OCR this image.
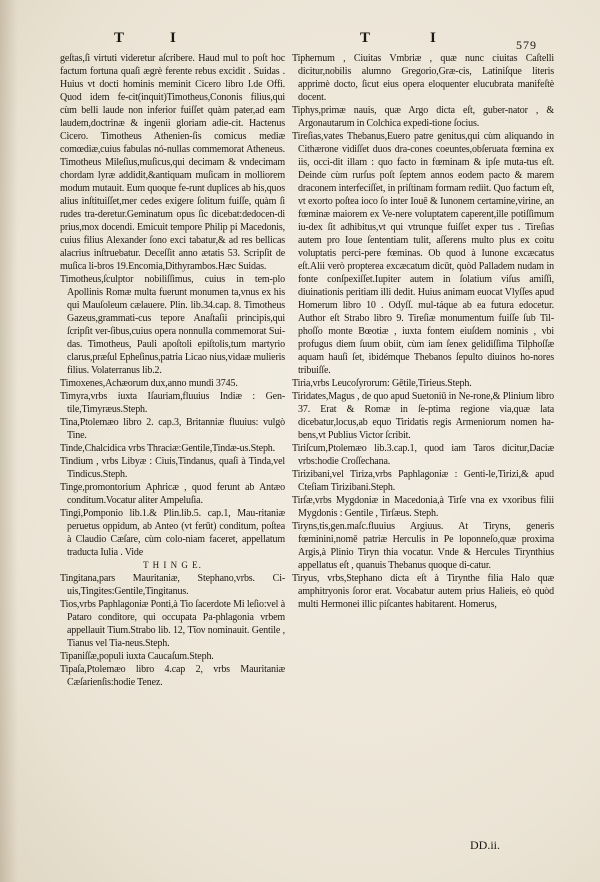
T	I	T	I	579

geſtas,ſi virtuti videretur aſcribere. Haud mul to poſt hoc factum fortuna quaſi ægrè ferente rebus excidit . Suidas . Huius vt docti hominis meminit Cicero libro I.de Offi. Quod idem fe-cit(inquit)Timotheus,Cononis filius,qui cùm belli laude non inferior fuiſſet quàm pater,ad eam laudem,doctrinæ & ingenii gloriam adie-cit. Hactenus Cicero. Timotheus Athenien-ſis comicus mediæ comœdiæ,cuius fabulas nó-nullas commemorat Atheneus. Timotheus Mileſius,muſicus,qui decimam & vndecimam chordam lyræ addidit,&antiquam muſicam in molliorem modum mutauit. Eum quoque fe-runt duplices ab his,quos alius inſtituiſſet,mer cedes exigere ſolitum fuiſſe, quàm ſi rudes tra-deretur.Geminatum opus ſic dicebat:dedocen-di prius,mox docendi. Emicuit tempore Philip pi Macedonis, cuius filius Alexander ſono exci tabatur,& ad res bellicas alacrius inſtruebatur. Deceſſit anno ætatis 53. Scripſit de muſica li-bros 19.Encomia,Dithyrambos.Hæc Suidas.

Timotheus,ſculptor nobiliſſimus, cuius in tem-plo Apollinis Romæ multa fuerunt monumen ta,vnus ex his qui Mauſoleum cælauere. Plin. lib.34.cap. 8. Timotheus Gazeus,grammati-cus tepore Anaſtaſii principis,qui ſcripſit ver-ſibus,cuius opera nonnulla commemorat Sui-das. Timotheus, Pauli apoſtoli epiſtolis,tum martyrio clarus,præſul Epheſinus,patria Licao nius,vidaæ mulieris filius. Volaterranus lib.2.

Timoxenes,Achæorum dux,anno mundi 3745.

Timyra,vrbs iuxta Iſauriam,fluuius Indiæ : Gen-tile,Timyræus.Steph.

Tina,Ptolemæo libro 2. cap.3, Britanniæ fluuius: vulgò Tine.

Tinde,Chalcidica vrbs Thraciæ:Gentile,Tindæ-us.Steph.

Tindium , vrbs Libyæ : Ciuis,Tindanus, quaſi à Tinda,vel Tindicus.Steph.

Tinge,promontorium Aphricæ , quod ferunt ab Antæo conditum.Vocatur aliter Ampeluſia.

Tingi,Pomponio lib.1.& Plin.lib.5. cap.1, Mau-ritaniæ peruetus oppidum, ab Anteo (vt ferūt) conditum, poſtea à Claudio Cæſare, cùm colo-niam faceret, appellatum traducta Iulia . Vide

T H I N G E.

Tingitana,pars Mauritaniæ, Stephano,vrbs. Ci-uis,Tingites:Gentile,Tingitanus.

Tios,vrbs Paphlagoniæ Ponti,à Tio ſacerdote Mi leſio:vel à Pataro conditore, qui occupata Pa-phlagonia vrbem appellauit Tium.Strabo lib. 12, Τῖον nominauit. Gentile , Tianus vel Tia-neus.Steph.

Tipaniſſæ,populi iuxta Caucaſum.Steph.

Tipaſa,Ptolemæo libro 4.cap 2, vrbs Mauritaniæ Cæſarienſis:hodie Tenez.

Tiphernum , Ciuitas Vmbriæ , quæ nunc ciuitas Caſtelli dicitur,nobilis alumno Gregorio,Græ-cis, Latiniſque literis apprimè docto, ſicut eius opera eloquenter elucubrata manifeſtè docent.

Tiphys,primæ nauis, quæ Argo dicta eſt, guber-nator , & Argonautarum in Colchica expedi-tione ſocius.

Tireſias,vates Thebanus,Euero patre genitus,qui cùm aliquando in Cithærone vidiſſet duos dra-cones coeuntes,obſeruata fœmina ex iis, occi-dit illam : quo facto in fœminam & ipſe muta-tus eſt. Deinde cùm rurſus poſt ſeptem annos eodem pacto & marem draconem interfeciſſet, in priſtinam formam rediit. Quo factum eſt, vt exorto poſtea ioco ſo inter Iouē & Iunonem certamine,virine, an fœminæ maiorem ex Ve-nere voluptatem caperent,ille potiſſimum iu-dex ſit adhibitus,vt qui vtrunque fuiſſet exper tus . Tireſias autem pro Ioue ſententiam tulit, aſſerens multo plus ex coitu voluptatis perci-pere fœminas. Ob quod à Iunone excæcatus eſt.Alii verò propterea excæcatum dicūt, quòd Palladem nudam in fonte conſpexiſſet.Iupiter autem in ſolatium viſus amiſſi, diuinationis peritiam illi dedit. Huius animam euocat Vlyſſes apud Homerum libro 10 . Odyſſ. mul-táque ab ea futura edocetur. Author eſt Strabo libro 9. Tireſiæ monumentum fuiſſe ſub Til-phoſſo monte Bœotiæ , iuxta fontem eiuſdem nominis , vbi profugus diem ſuum obiit, cùm iam ſenex gelidiſſima Tilphoſſæ aquam hauſi ſet, ibidémque Thebanos ſepulto diuinos ho-nores tribuiſſe.

Tiria,vrbs Leucoſyrorum: Gētile,Tirieus.Steph.

Tiridates,Magus , de quo apud Suetoniū in Ne-rone,& Plinium libro 37. Erat & Romæ in ſe-ptima regione via,quæ lata dicebatur,locus,ab equo Tiridatis regis Armeniorum nomen ha-bens,vt Publius Victor ſcribit.

Tiriſcum,Ptolemæo lib.3.cap.1, quod iam Taros dicitur,Daciæ vrbs:hodie Croſſechana.

Tirizibani,vel Tiriza,vrbs Paphlagoniæ : Genti-le,Tirizi,& apud Cteſiam Tirizibani.Steph.

Tirſæ,vrbs Mygdoniæ in Macedonia,à Tirſe vna ex vxoribus filii Mygdonis : Gentile , Tirſæus. Steph.

Tiryns,tis,gen.maſc.fluuius Argiuus. At Tiryns, generis fœminini,nomē patriæ Herculis in Pe loponneſo,quæ proxima Argis,à Plinio Tiryn thia vocatur. Vnde & Hercules Tirynthius appellatus eſt , quanuis Thebanus quoque di-catur.

Tiryus, vrbs,Stephano dicta eſt à Tirynthe filia Halo quæ amphitryonis ſoror erat. Vocabatur autem prius Halieis, eò quòd multi Hermonei illic piſcantes habitarent. Homerus,

DD.ii.
